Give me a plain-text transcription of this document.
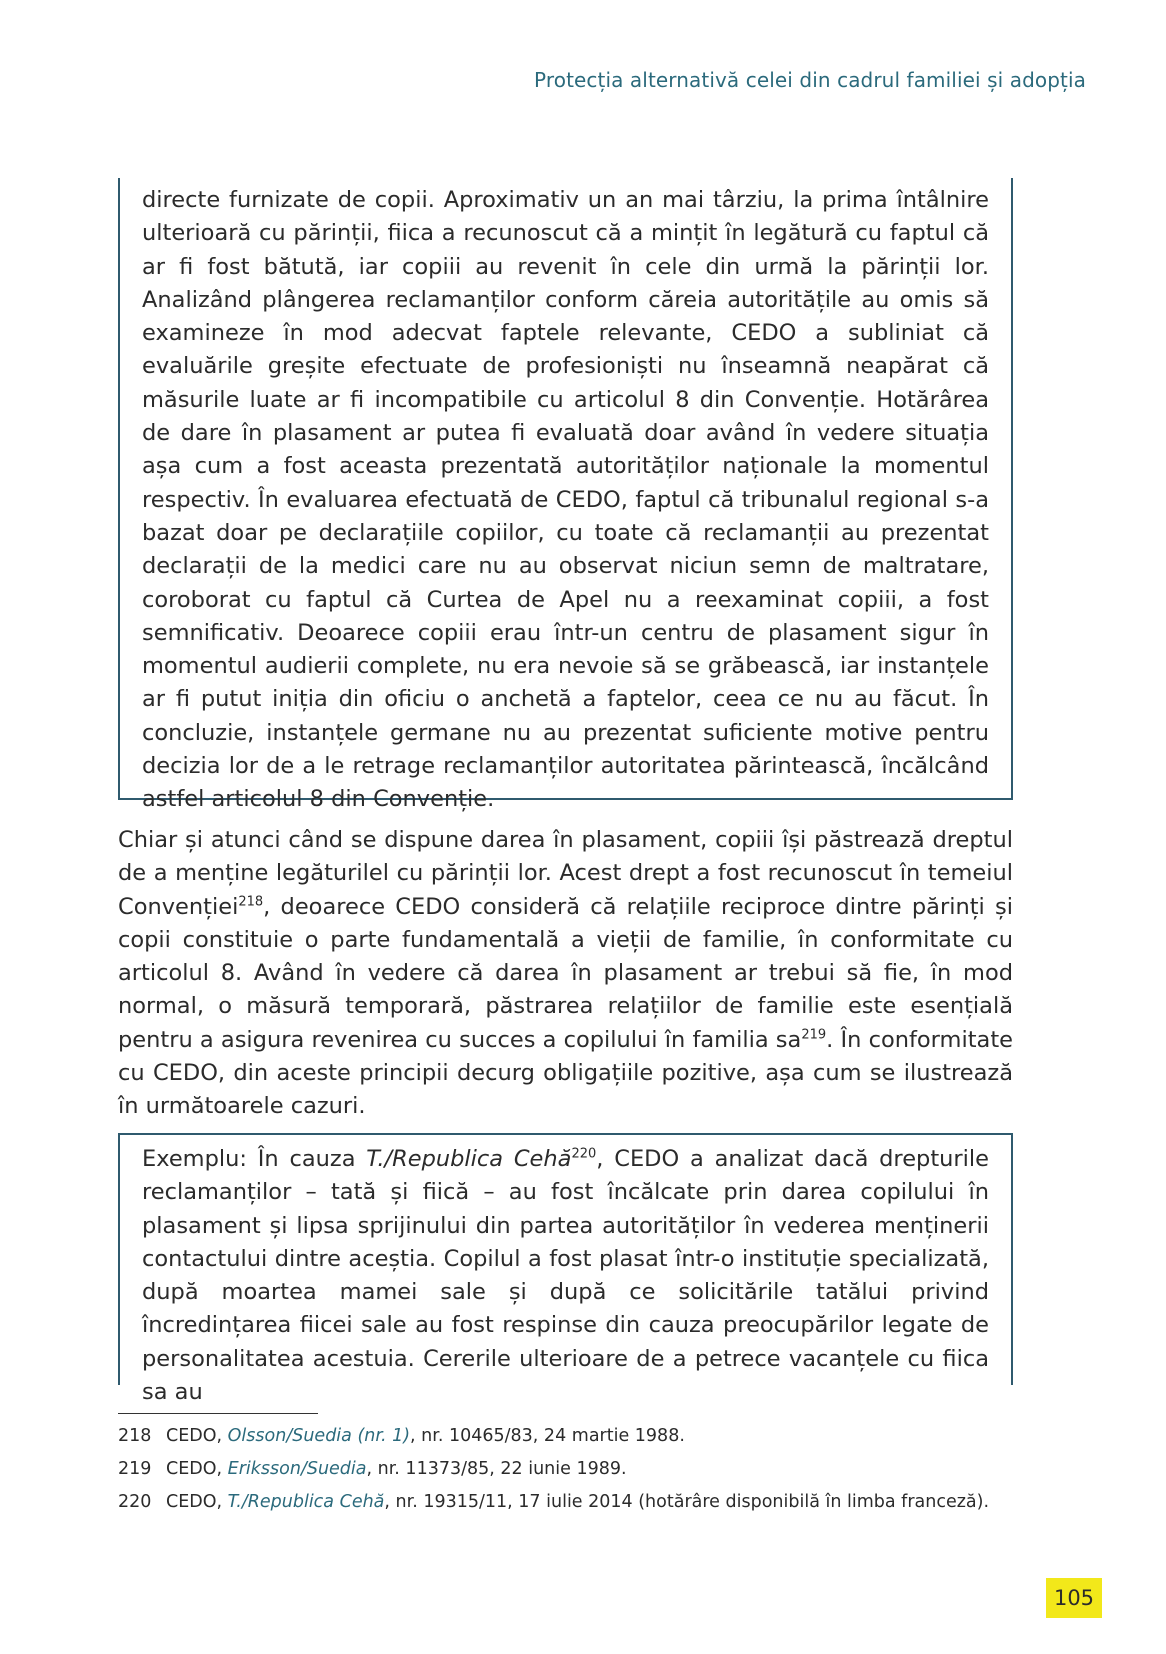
Protecția alternativă celei din cadrul familiei și adopția

directe furnizate de copii. Aproximativ un an mai târziu, la prima întâlnire ulterioară cu părinții, fiica a recunoscut că a mințit în legătură cu faptul că ar fi fost bătută, iar copiii au revenit în cele din urmă la părinții lor. Analizând plângerea reclamanților conform căreia autoritățile au omis să examineze în mod adecvat faptele relevante, CEDO a subliniat că evaluările greșite efectuate de profesioniști nu înseamnă neapărat că măsurile luate ar fi incompatibile cu articolul 8 din Convenție. Hotărârea de dare în plasament ar putea fi evaluată doar având în vedere situația așa cum a fost aceasta prezentată autorităților naționale la momentul respectiv. În evaluarea efectuată de CEDO, faptul că tribunalul regional s-a bazat doar pe declarațiile copiilor, cu toate că reclamanții au prezentat declarații de la medici care nu au observat niciun semn de maltratare, coroborat cu faptul că Curtea de Apel nu a reexaminat copiii, a fost semnificativ. Deoarece copiii erau într-un centru de plasament sigur în momentul audierii complete, nu era nevoie să se grăbească, iar instanțele ar fi putut iniția din oficiu o anchetă a faptelor, ceea ce nu au făcut. În concluzie, instanțele germane nu au prezentat suficiente motive pentru decizia lor de a le retrage reclamanților autoritatea părintească, încălcând astfel articolul 8 din Convenție.

Chiar și atunci când se dispune darea în plasament, copiii își păstrează dreptul de a menține legăturilel cu părinții lor. Acest drept a fost recunoscut în temeiul Convenției$^{218}$, deoarece CEDO consideră că relațiile reciproce dintre părinți și copii constituie o parte fundamentală a vieții de familie, în conformitate cu articolul 8. Având în vedere că darea în plasament ar trebui să fie, în mod normal, o măsură temporară, păstrarea relațiilor de familie este esențială pentru a asigura revenirea cu succes a copilului în familia $sa^{219}$. În conformitate cu CEDO, din aceste principii decurg obligațiile pozitive, așa cum se ilustrează în următoarele cazuri.

Exemplu: În cauza T./Republica Cehă$^{220}$, CEDO a analizat dacă drepturile reclamanților – tată și fiică – au fost încălcate prin darea copilului în plasament și lipsa sprijinului din partea autorităților în vederea menținerii contactului dintre aceștia. Copilul a fost plasat într-o instituție specializată, după moartea mamei sale și după ce solicitările tatălui privind încredințarea fiicei sale au fost respinse din cauza preocupărilor legate de personalitatea acestuia. Cererile ulterioare de a petrece vacanțele cu fiica sa au

218 CEDO, Olsson/Suedia (nr. 1), nr. 10465/83, 24 martie 1988.
219 CEDO, Eriksson/Suedia, nr. 11373/85, 22 iunie 1989.
220 CEDO, T./Republica Cehă, nr. 19315/11, 17 iulie 2014 (hotărâre disponibilă în limba franceză).
105
